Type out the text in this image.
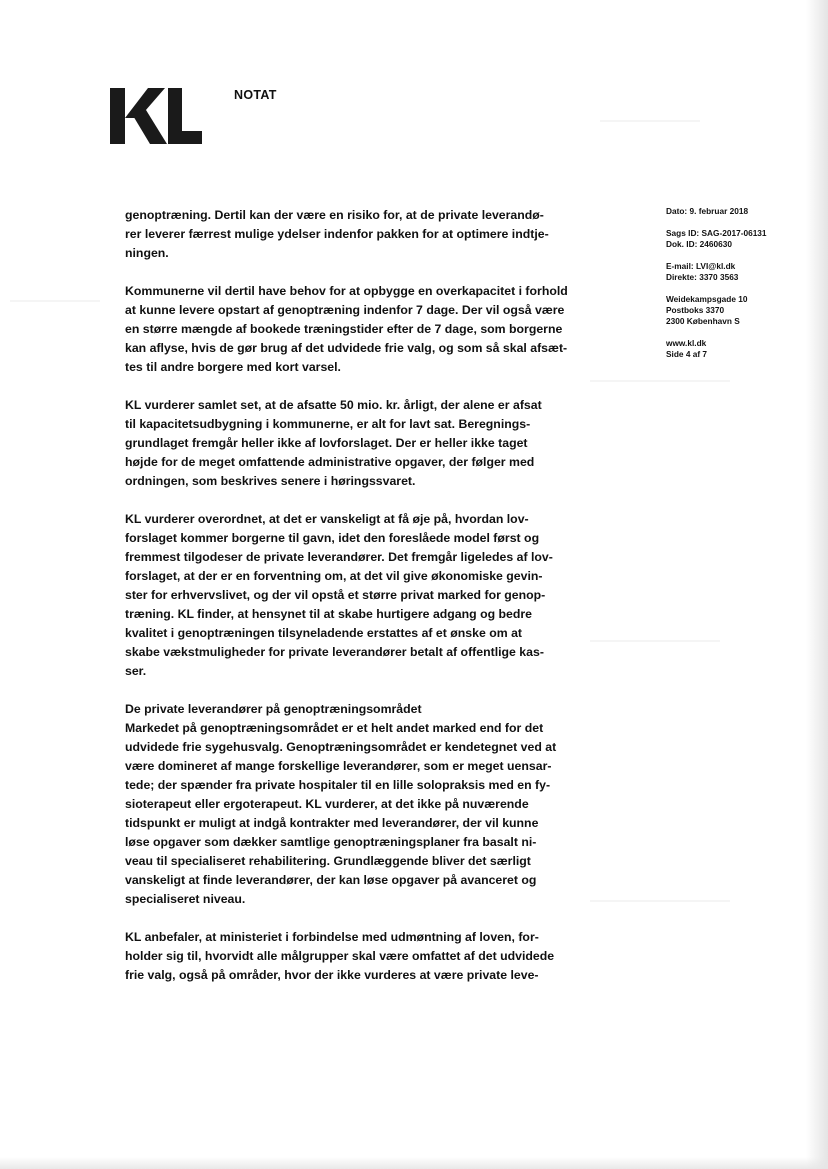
NOTAT
Dato: 9. februar 2018
Sags ID: SAG-2017-06131
Dok. ID: 2460630
E-mail: LVI@kl.dk
Direkte: 3370 3563
Weidekampsgade 10
Postboks 3370
2300 København S
www.kl.dk
Side 4 af 7

genoptræning. Dertil kan der være en risiko for, at de private leverandø-
rer leverer færrest mulige ydelser indenfor pakken for at optimere indtje-
ningen.

Kommunerne vil dertil have behov for at opbygge en overkapacitet i forhold
at kunne levere opstart af genoptræning indenfor 7 dage. Der vil også være
en større mængde af bookede træningstider efter de 7 dage, som borgerne
kan aflyse, hvis de gør brug af det udvidede frie valg, og som så skal afsæt-
tes til andre borgere med kort varsel.

KL vurderer samlet set, at de afsatte 50 mio. kr. årligt, der alene er afsat
til kapacitetsudbygning i kommunerne, er alt for lavt sat. Beregnings-
grundlaget fremgår heller ikke af lovforslaget. Der er heller ikke taget
højde for de meget omfattende administrative opgaver, der følger med
ordningen, som beskrives senere i høringssvaret.

KL vurderer overordnet, at det er vanskeligt at få øje på, hvordan lov-
forslaget kommer borgerne til gavn, idet den foreslåede model først og
fremmest tilgodeser de private leverandører. Det fremgår ligeledes af lov-
forslaget, at der er en forventning om, at det vil give økonomiske gevin-
ster for erhvervslivet, og der vil opstå et større privat marked for genop-
træning. KL finder, at hensynet til at skabe hurtigere adgang og bedre
kvalitet i genoptræningen tilsyneladende erstattes af et ønske om at
skabe vækstmuligheder for private leverandører betalt af offentlige kas-
ser.

De private leverandører på genoptræningsområdet

Markedet på genoptræningsområdet er et helt andet marked end for det
udvidede frie sygehusvalg. Genoptræningsområdet er kendetegnet ved at
være domineret af mange forskellige leverandører, som er meget uensar-
tede; der spænder fra private hospitaler til en lille solopraksis med en fy-
sioterapeut eller ergoterapeut. KL vurderer, at det ikke på nuværende
tidspunkt er muligt at indgå kontrakter med leverandører, der vil kunne
løse opgaver som dækker samtlige genoptræningsplaner fra basalt ni-
veau til specialiseret rehabilitering. Grundlæggende bliver det særligt
vanskeligt at finde leverandører, der kan løse opgaver på avanceret og
specialiseret niveau.

KL anbefaler, at ministeriet i forbindelse med udmøntning af loven, for-
holder sig til, hvorvidt alle målgrupper skal være omfattet af det udvidede
frie valg, også på områder, hvor der ikke vurderes at være private leve-
